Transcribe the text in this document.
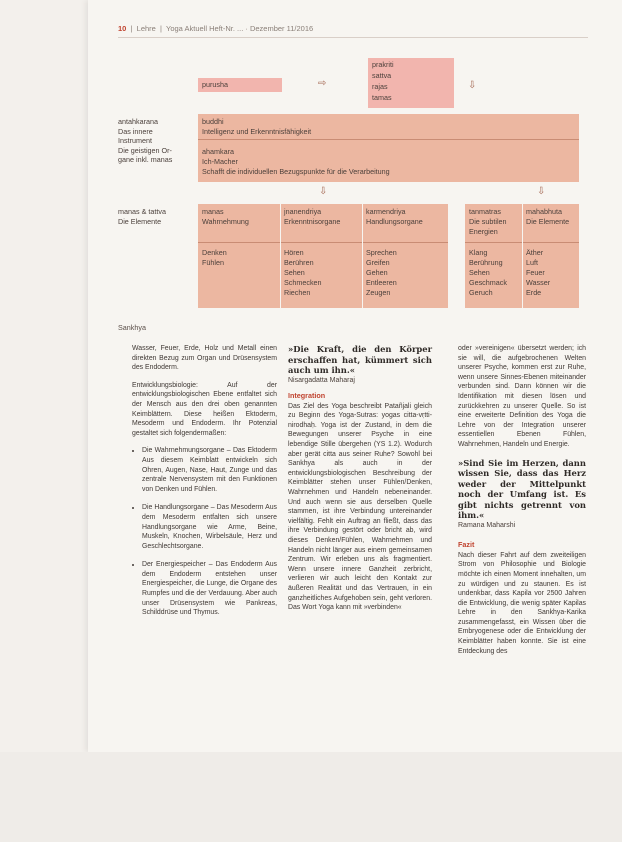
10  |  Lehre  |  Yoga Aktuell Heft-Nr. ... · Dezember 11/2016
purusha	⇨
prakriti
sattva
rajas
tamas
⇩
antahkarana
Das innere
Instrument
Die geistigen Or-
gane inkl. manas
buddhi
Intelligenz und Erkenntnisfähigkeit
ahamkara
Ich-Macher
Schafft die individuellen Bezugspunkte für die Verarbeitung
⇩	⇩
manas & tattva
Die Elemente
manas
Wahrnehmung
jnanendriya
Erkenntnisorgane
karmendriya
Handlungsorgane
Denken
Fühlen
Hören
Berühren
Sehen
Schmecken
Riechen
Sprechen
Greifen
Gehen
Entleeren
Zeugen
tanmatras
Die subtilen
Energien
mahabhuta
Die Elemente
Klang
Berührung
Sehen
Geschmack
Geruch
Äther
Luft
Feuer
Wasser
Erde
Sankhya

Wasser, Feuer, Erde, Holz und Metall einen direkten Bezug zum Organ und Drüsensystem des Endoderm.

Entwicklungsbiologie: Auf der entwicklungsbiologischen Ebene entfaltet sich der Mensch aus den drei oben genannten Keimblättern. Diese heißen Ektoderm, Mesoderm und Endoderm. Ihr Potenzial gestaltet sich folgendermaßen:

• Die Wahrnehmungsorgane – Das Ektoderm Aus diesem Keimblatt entwickeln sich Ohren, Augen, Nase, Haut, Zunge und das zentrale Nervensystem mit den Funktionen von Denken und Fühlen.
• Die Handlungsorgane – Das Mesoderm Aus dem Mesoderm entfalten sich unsere Handlungsorgane wie Arme, Beine, Muskeln, Knochen, Wirbelsäule, Herz und Geschlechtsorgane.
• Der Energiespeicher – Das Endoderm Aus dem Endoderm entstehen unser Energiespeicher, die Lunge, die Organe des Rumpfes und die der Verdauung. Aber auch unser Drüsensystem wie Pankreas, Schilddrüse und Thymus.
»Die Kraft, die den Körper erschaffen hat, kümmert sich auch um ihn.«
Nisargadatta Maharaj
Integration

Das Ziel des Yoga beschreibt Patañjali gleich zu Beginn des Yoga-Sutras: yogas citta-vṛtti-nirodhaḥ. Yoga ist der Zustand, in dem die Bewegungen unserer Psyche in eine lebendige Stille übergehen (YS 1.2). Wodurch aber gerät citta aus seiner Ruhe? Sowohl bei Sankhya als auch in der entwicklungsbiologischen Beschreibung der Keimblätter stehen unser Fühlen/Denken, Wahrnehmen und Handeln nebeneinander. Und auch wenn sie aus derselben Quelle stammen, ist ihre Verbindung untereinander vielfältig. Fehlt ein Auftrag an fließt, dass das ihre Verbindung gestört oder bricht ab, wird dieses Denken/Fühlen, Wahrnehmen und Handeln nicht länger aus einem gemeinsamen Zentrum. Wir erleben uns als fragmentiert. Wenn unsere innere Ganzheit zerbricht, verlieren wir auch leicht den Kontakt zur äußeren Realität und das Vertrauen, in ein ganzheitliches Aufgehoben sein, geht verloren. Das Wort Yoga kann mit »verbinden«

oder »vereinigen« übersetzt werden; ich sie will, die aufgebrochenen Welten unserer Psyche, kommen erst zur Ruhe, wenn unsere Sinnes-Ebenen miteinander verbunden sind. Dann können wir die Identifikation mit diesen lösen und zurückkehren zu unserer Quelle. So ist eine erweiterte Definition des Yoga die Lehre von der Integration unserer essentiellen Ebenen Fühlen, Wahrnehmen, Handeln und Energie.

»Sind Sie im Herzen, dann wissen Sie, dass das Herz weder der Mittelpunkt noch der Umfang ist. Es gibt nichts getrennt von ihm.«
Ramana Maharshi
Fazit

Nach dieser Fahrt auf dem zweiteiligen Strom von Philosophie und Biologie möchte ich einen Moment innehalten, um zu würdigen und zu staunen. Es ist undenkbar, dass Kapila vor 2500 Jahren die Entwicklung, die wenig später Kapilas Lehre in den Sankhya-Karika zusammengefasst, ein Wissen über die Embryogenese oder die Entwicklung der Keimblätter haben konnte. Sie ist eine Entdeckung des
